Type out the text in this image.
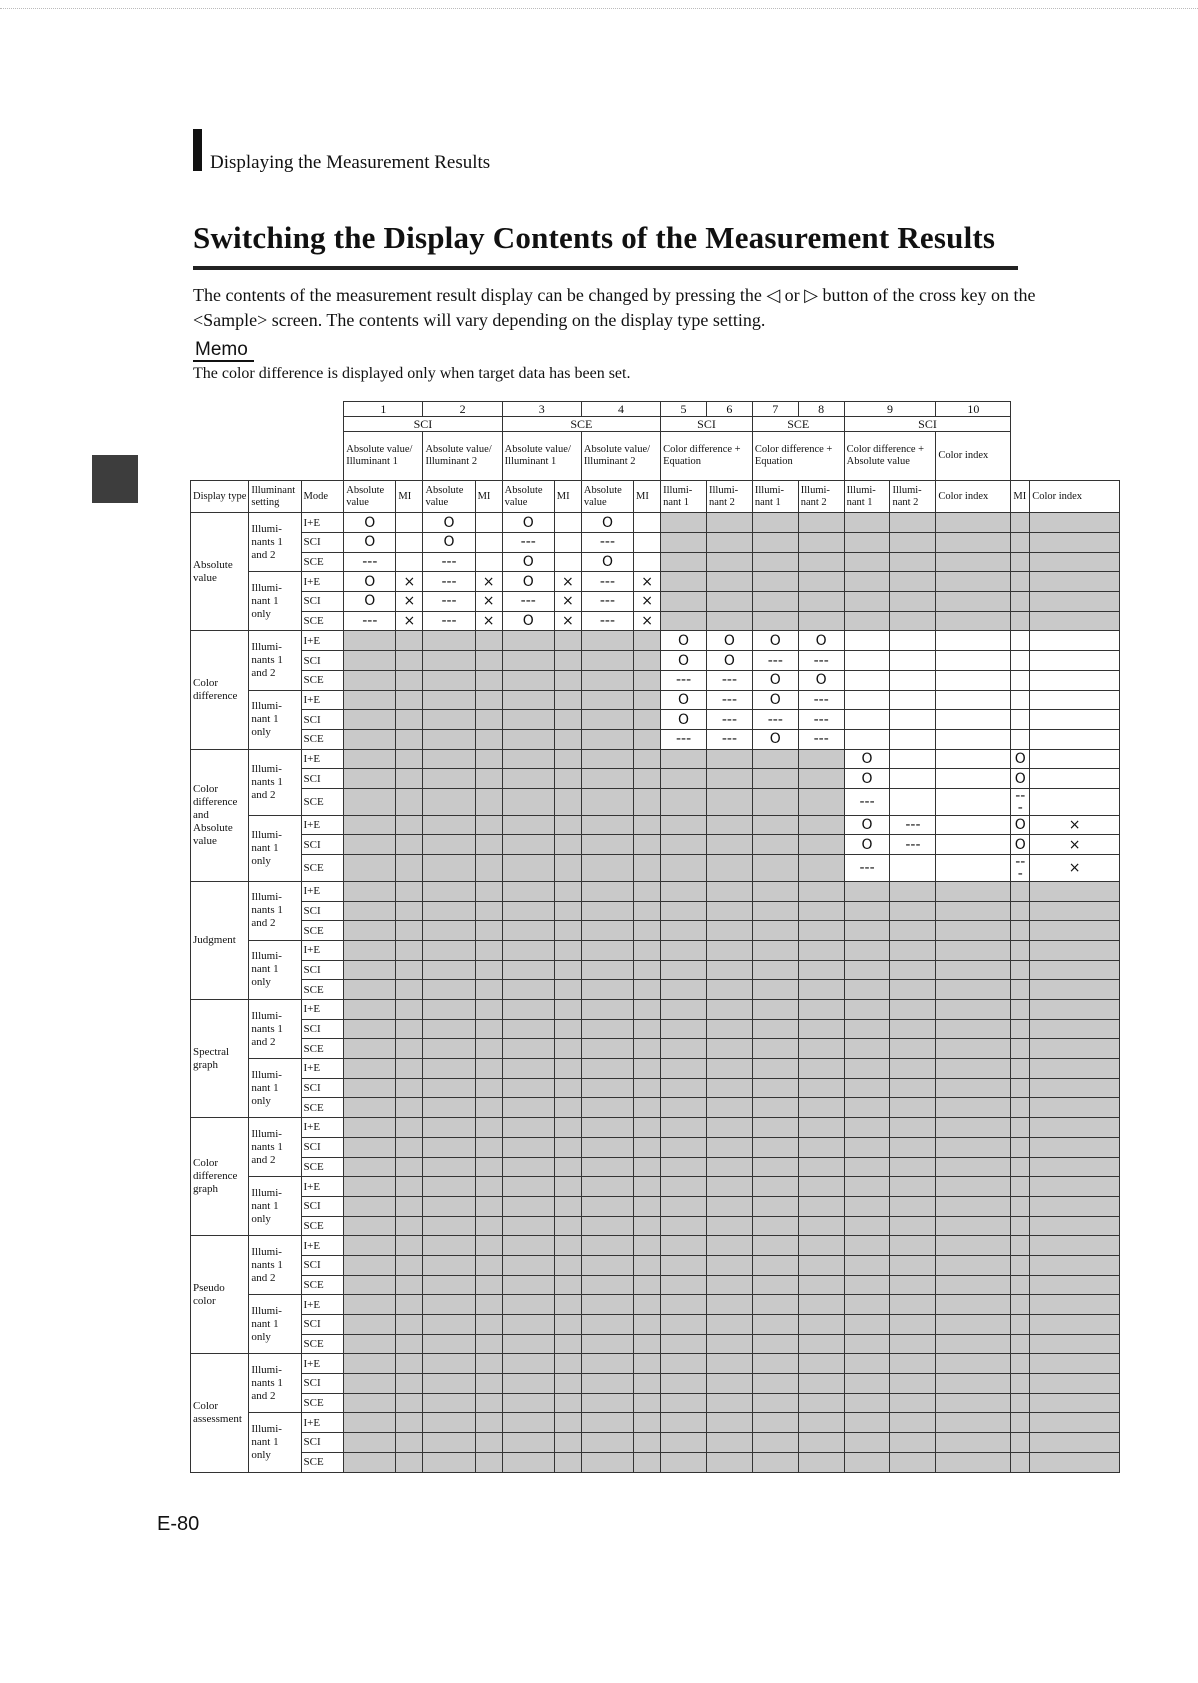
Displaying the Measurement Results
Switching the Display Contents of the Measurement Results

The contents of the measurement result display can be changed by pressing the ◁ or ▷ button of the cross key on the <Sample> screen. The contents will vary depending on the display type setting.

Memo

The color difference is displayed only when target data has been set.

			1		2		3		4		5	6	7	8	9		10		
			SCI				SCE				SCI		SCE		SCI				
			Absolute value/ Illuminant 1		Absolute value/ Illuminant 2		Absolute value/ Illuminant 1		Absolute value/ Illuminant 2		Color difference + Equation		Color difference + Equation		Color difference + Absolute value		Color index		
Display type	Illuminant setting	Mode	Absolute value	MI	Absolute value	MI	Absolute value	MI	Absolute value	MI	Illumi- nant 1	Illumi- nant 2	Illumi- nant 1	Illumi- nant 2	Illumi- nant 1	Illumi- nant 2	Color index	MI	Color index
Absolute value	Illumi- nants 1 and 2	I+E	O		O		O		O										
		SCI	O		O		---		---										
		SCE	---		---		O		O										
	Illumi- nant 1 only	I+E	O	×	---	×	O	×	---	×									
		SCI	O	×	---	×	---	×	---	×									
		SCE	---	×	---	×	O	×	---	×									
Color difference	Illumi- nants 1 and 2	I+E									O	O	O	O					
		SCI									O	O	---	---					
		SCE									---	---	O	O					
	Illumi- nant 1 only	I+E									O	---	O	---					
		SCI									O	---	---	---					
		SCE									---	---	O	---					
Color difference and Absolute value	Illumi- nants 1 and 2	I+E													O			O	
		SCI													O			O	
		SCE													---			---	
	Illumi- nant 1 only	I+E													O	---		O	×
		SCI													O	---		O	×
		SCE													---			---	×
Judgment	Illumi- nants 1 and 2	I+E																	
		SCI																	
		SCE																	
	Illumi- nant 1 only	I+E																	
		SCI																	
		SCE																	
Spectral graph	Illumi- nants 1 and 2	I+E																	
		SCI																	
		SCE																	
	Illumi- nant 1 only	I+E																	
		SCI																	
		SCE																	
Color difference graph	Illumi- nants 1 and 2	I+E																	
		SCI																	
		SCE																	
	Illumi- nant 1 only	I+E																	
		SCI																	
		SCE																	
Pseudo color	Illumi- nants 1 and 2	I+E																	
		SCI																	
		SCE																	
	Illumi- nant 1 only	I+E																	
		SCI																	
		SCE																	
Color assessment	Illumi- nants 1 and 2	I+E																	
		SCI																	
		SCE																	
	Illumi- nant 1 only	I+E																	
		SCI																	
		SCE																	
E-80
